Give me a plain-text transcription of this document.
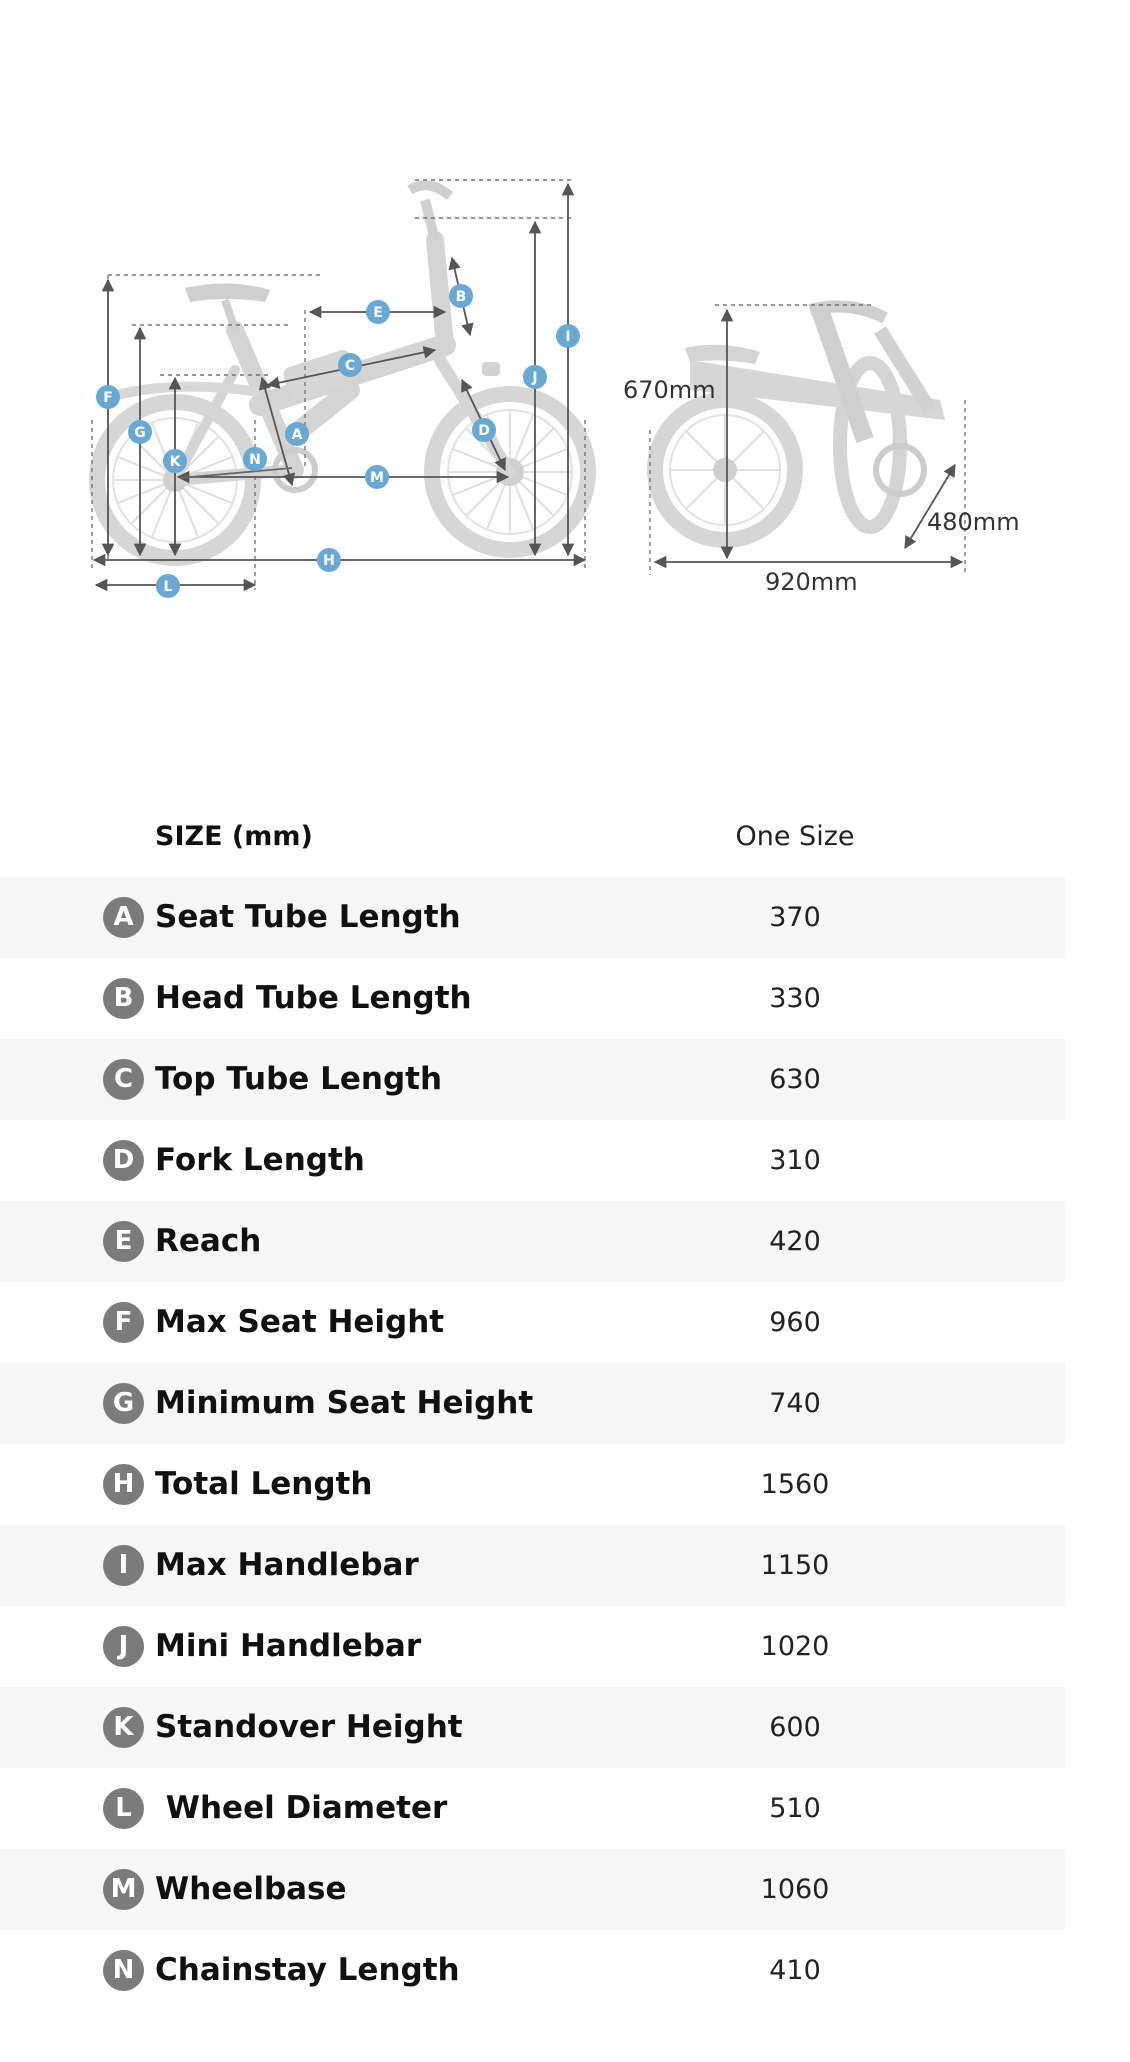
670mm
480mm
920mm
A
B
C
D
E
F
G
H
I
J
K
L
M
N
SIZE (mm)	One Size
A Seat Tube Length	370
B Head Tube Length	330
C Top Tube Length	630
D Fork Length	310
E Reach	420
F Max Seat Height	960
G Minimum Seat Height	740
H Total Length	1560
I Max Handlebar	1150
J Mini Handlebar	1020
K Standover Height	600
L Wheel Diameter	510
M Wheelbase	1060
N Chainstay Length	410
